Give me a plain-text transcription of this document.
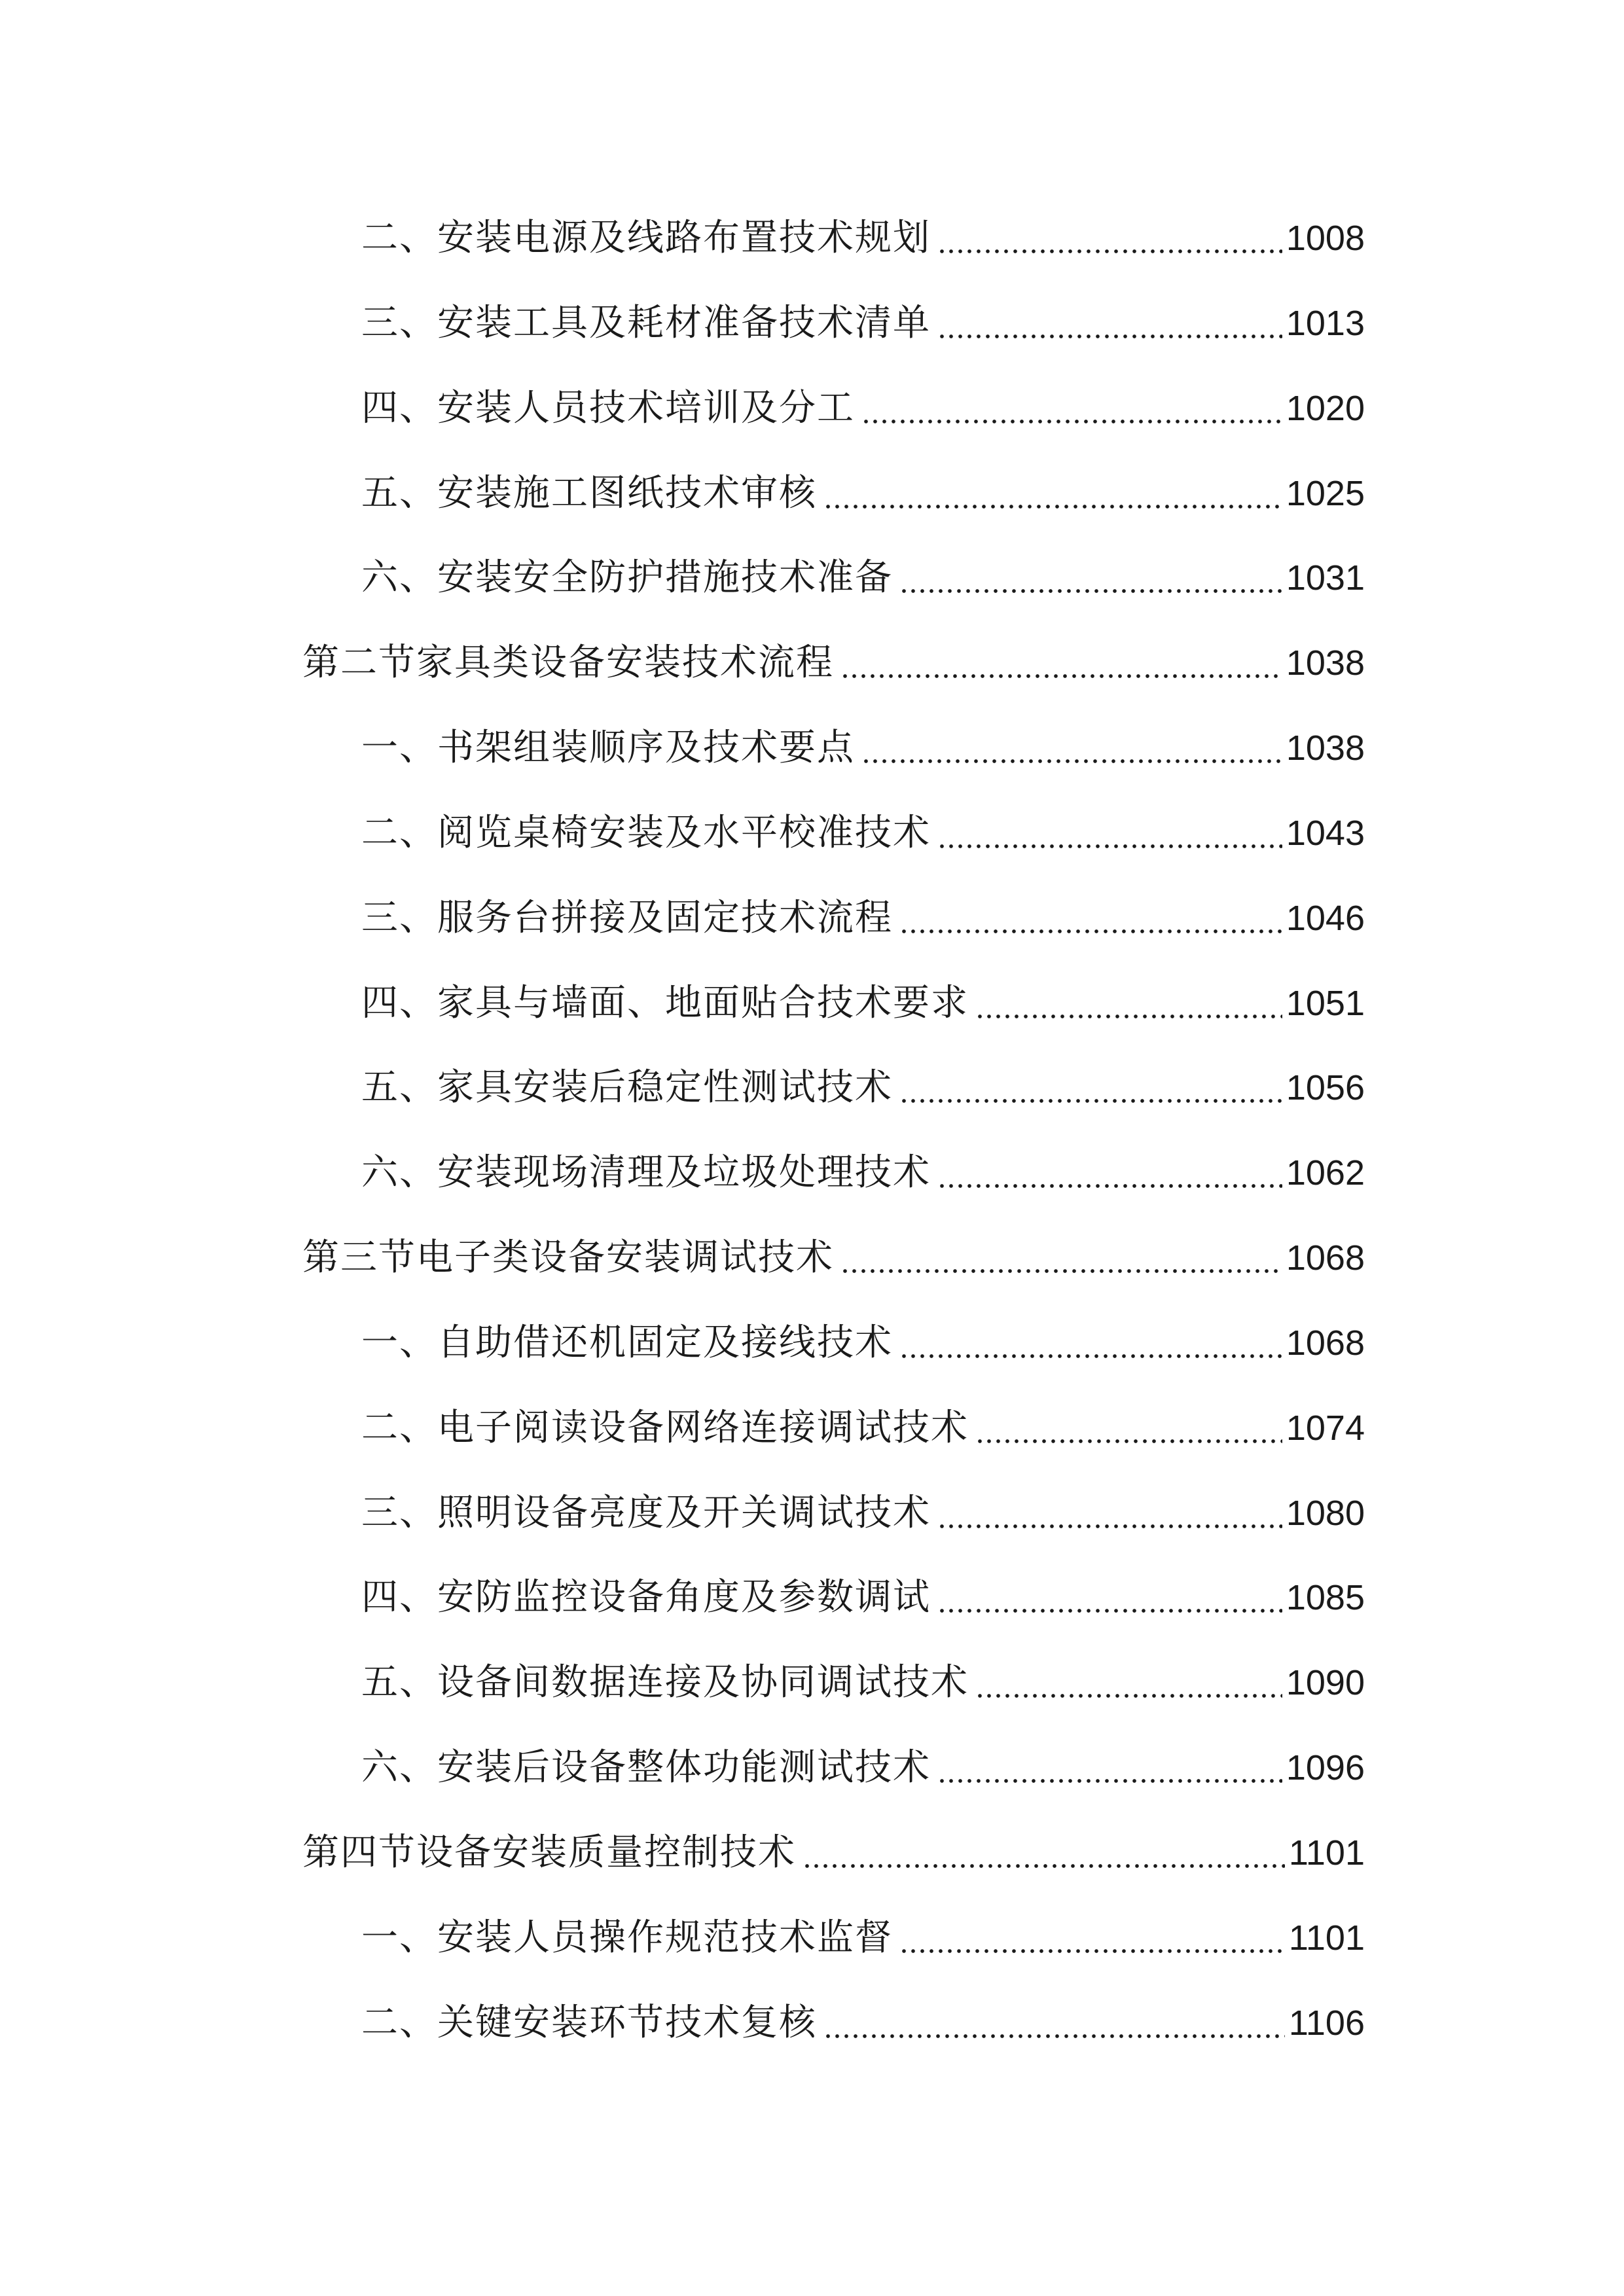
二、安装电源及线路布置技术规划	1008
三、安装工具及耗材准备技术清单	1013
四、安装人员技术培训及分工	1020
五、安装施工图纸技术审核	1025
六、安装安全防护措施技术准备	1031
第二节家具类设备安装技术流程	1038
一、书架组装顺序及技术要点	1038
二、阅览桌椅安装及水平校准技术	1043
三、服务台拼接及固定技术流程	1046
四、家具与墙面、地面贴合技术要求	1051
五、家具安装后稳定性测试技术	1056
六、安装现场清理及垃圾处理技术	1062
第三节电子类设备安装调试技术	1068
一、自助借还机固定及接线技术	1068
二、电子阅读设备网络连接调试技术	1074
三、照明设备亮度及开关调试技术	1080
四、安防监控设备角度及参数调试	1085
五、设备间数据连接及协同调试技术	1090
六、安装后设备整体功能测试技术	1096
第四节设备安装质量控制技术	1101
一、安装人员操作规范技术监督	1101
二、关键安装环节技术复核	1106
